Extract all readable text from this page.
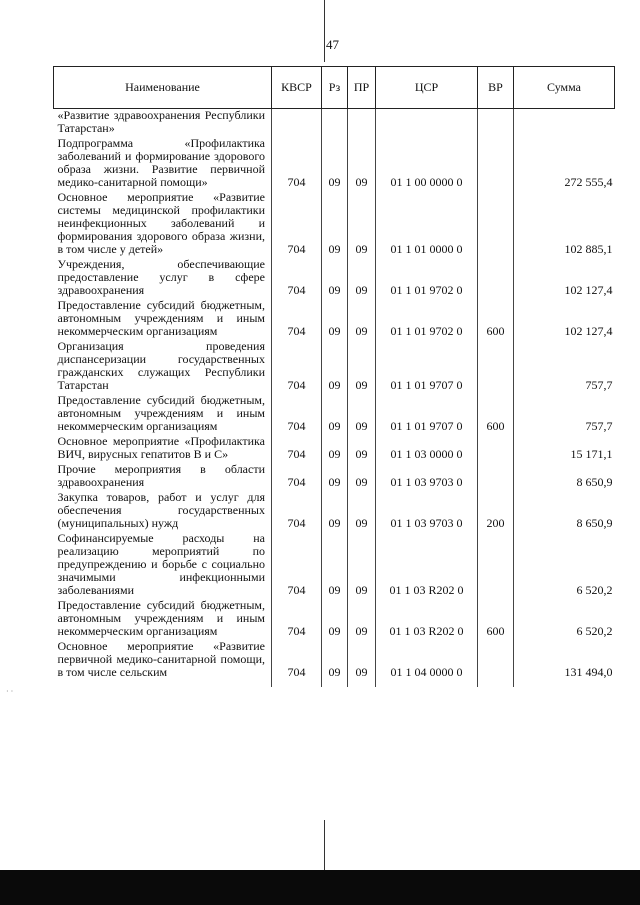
47
Наименование	КВСР	Рз	ПР	ЦСР	ВР	Сумма
«Развитие здравоохранения Республики Татарстан»						
Подпрограмма «Профилактика заболеваний и формирование здорового образа жизни. Развитие первичной медико-санитарной помощи»	704	09	09	01 1 00 0000 0		272 555,4
Основное мероприятие «Развитие системы медицинской профилактики неинфекционных заболеваний и формирования здорового образа жизни, в том числе у детей»	704	09	09	01 1 01 0000 0		102 885,1
Учреждения, обеспечивающие предоставление услуг в сфере здравоохранения	704	09	09	01 1 01 9702 0		102 127,4
Предоставление субсидий бюджетным, автономным учреждениям и иным некоммерческим организациям	704	09	09	01 1 01 9702 0	600	102 127,4
Организация проведения диспансеризации государственных гражданских служащих Республики Татарстан	704	09	09	01 1 01 9707 0		757,7
Предоставление субсидий бюджетным, автономным учреждениям и иным некоммерческим организациям	704	09	09	01 1 01 9707 0	600	757,7
Основное мероприятие «Профилактика ВИЧ, вирусных гепатитов В и С»	704	09	09	01 1 03 0000 0		15 171,1
Прочие мероприятия в области здравоохранения	704	09	09	01 1 03 9703 0		8 650,9
Закупка товаров, работ и услуг для обеспечения государственных (муниципальных) нужд	704	09	09	01 1 03 9703 0	200	8 650,9
Софинансируемые расходы на реализацию мероприятий по предупреждению и борьбе с социально значимыми инфекционными заболеваниями	704	09	09	01 1 03 R202 0		6 520,2
Предоставление субсидий бюджетным, автономным учреждениям и иным некоммерческим организациям	704	09	09	01 1 03 R202 0	600	6 520,2
Основное мероприятие «Развитие первичной медико-санитарной помощи, в том числе сельским	704	09	09	01 1 04 0000 0		131 494,0
· ·
